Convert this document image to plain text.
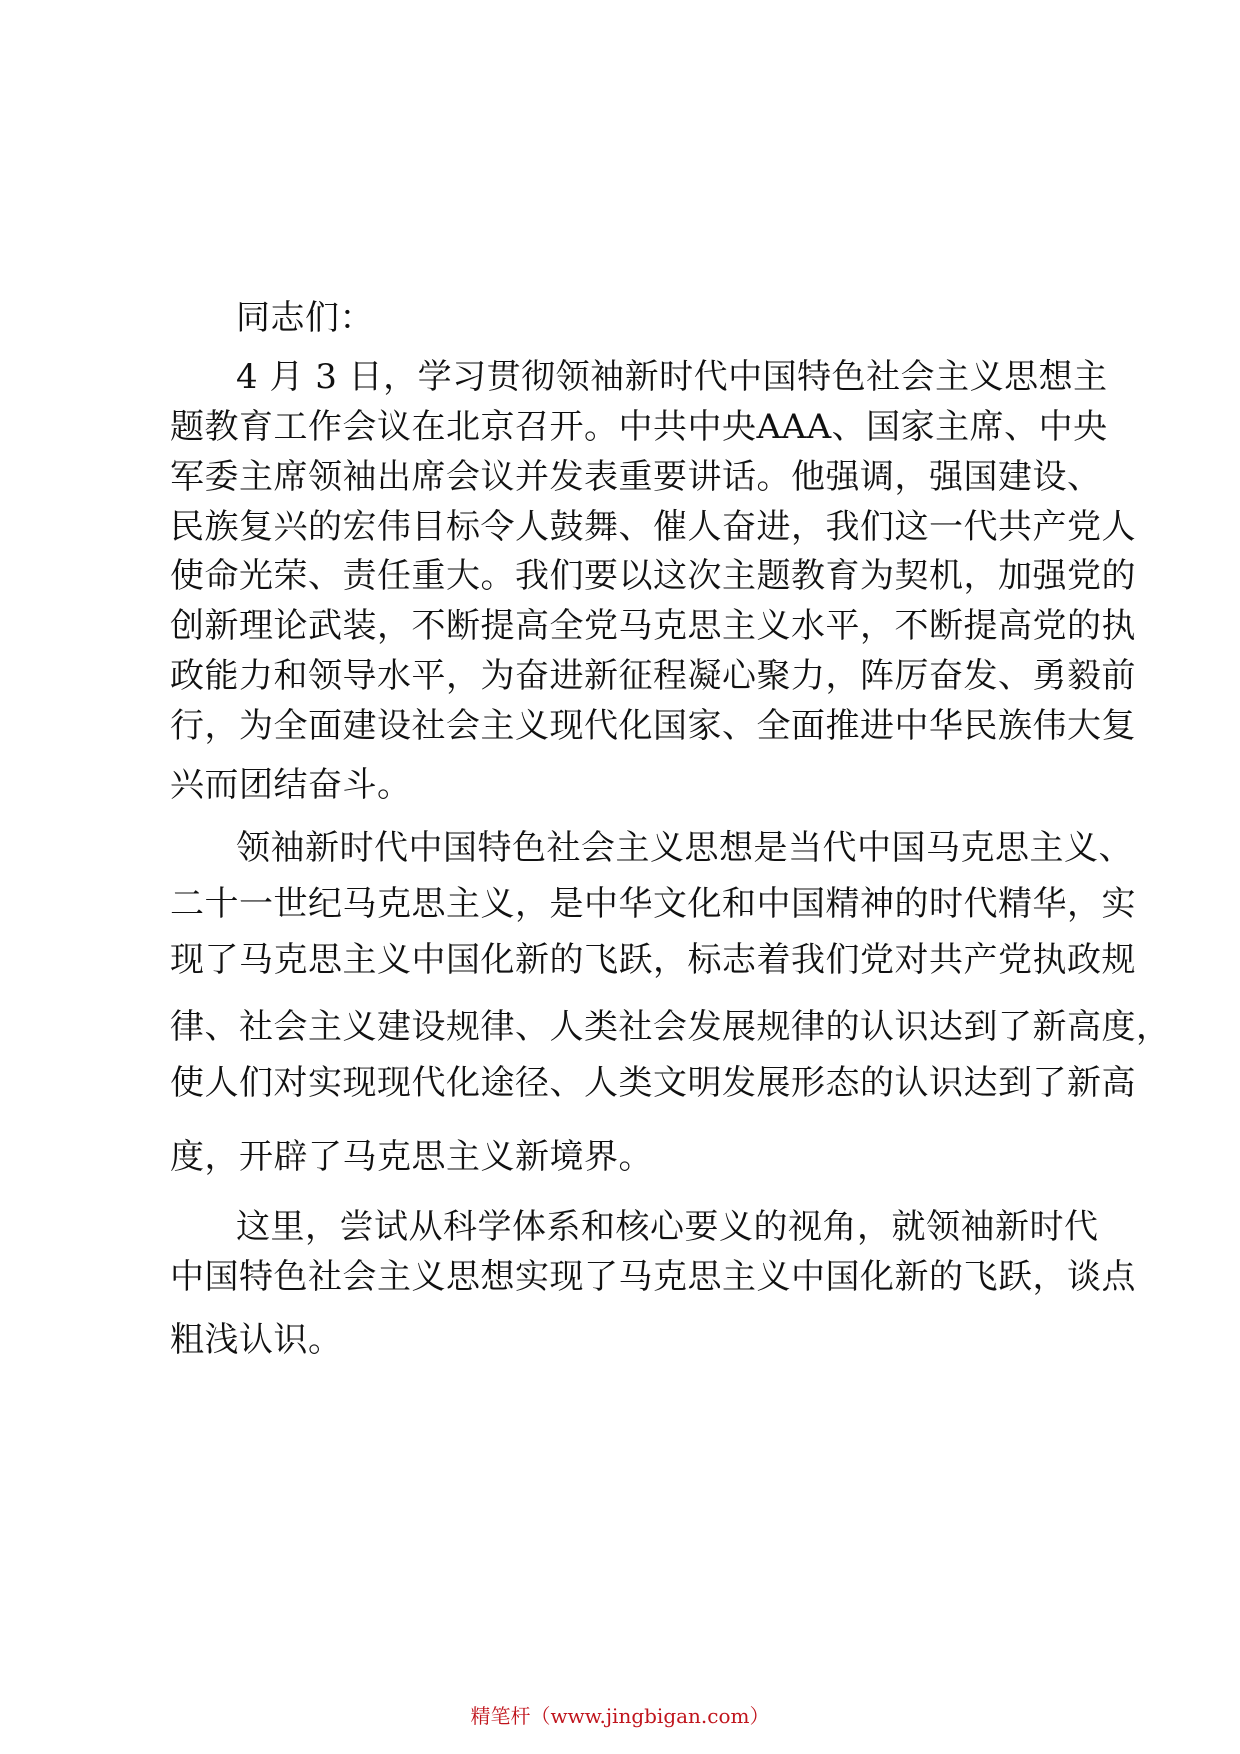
同志们：
4 月 3 日，学习贯彻领袖新时代中国特色社会主义思想主
题教育工作会议在北京召开。中共中央AAA、国家主席、中央
军委主席领袖出席会议并发表重要讲话。他强调，强国建设、
民族复兴的宏伟目标令人鼓舞、催人奋进，我们这一代共产党人
使命光荣、责任重大。我们要以这次主题教育为契机，加强党的
创新理论武装，不断提高全党马克思主义水平，不断提高党的执
政能力和领导水平，为奋进新征程凝心聚力，阵厉奋发、勇毅前
行，为全面建设社会主义现代化国家、全面推进中华民族伟大复
兴而团结奋斗。
领袖新时代中国特色社会主义思想是当代中国马克思主义、
二十一世纪马克思主义，是中华文化和中国精神的时代精华，实
现了马克思主义中国化新的飞跃，标志着我们党对共产党执政规
律、社会主义建设规律、人类社会发展规律的认识达到了新高度，
使人们对实现现代化途径、人类文明发展形态的认识达到了新高
度，开辟了马克思主义新境界。
这里，尝试从科学体系和核心要义的视角，就领袖新时代
中国特色社会主义思想实现了马克思主义中国化新的飞跃，谈点
粗浅认识。
精笔杆（www.jingbigan.com）
